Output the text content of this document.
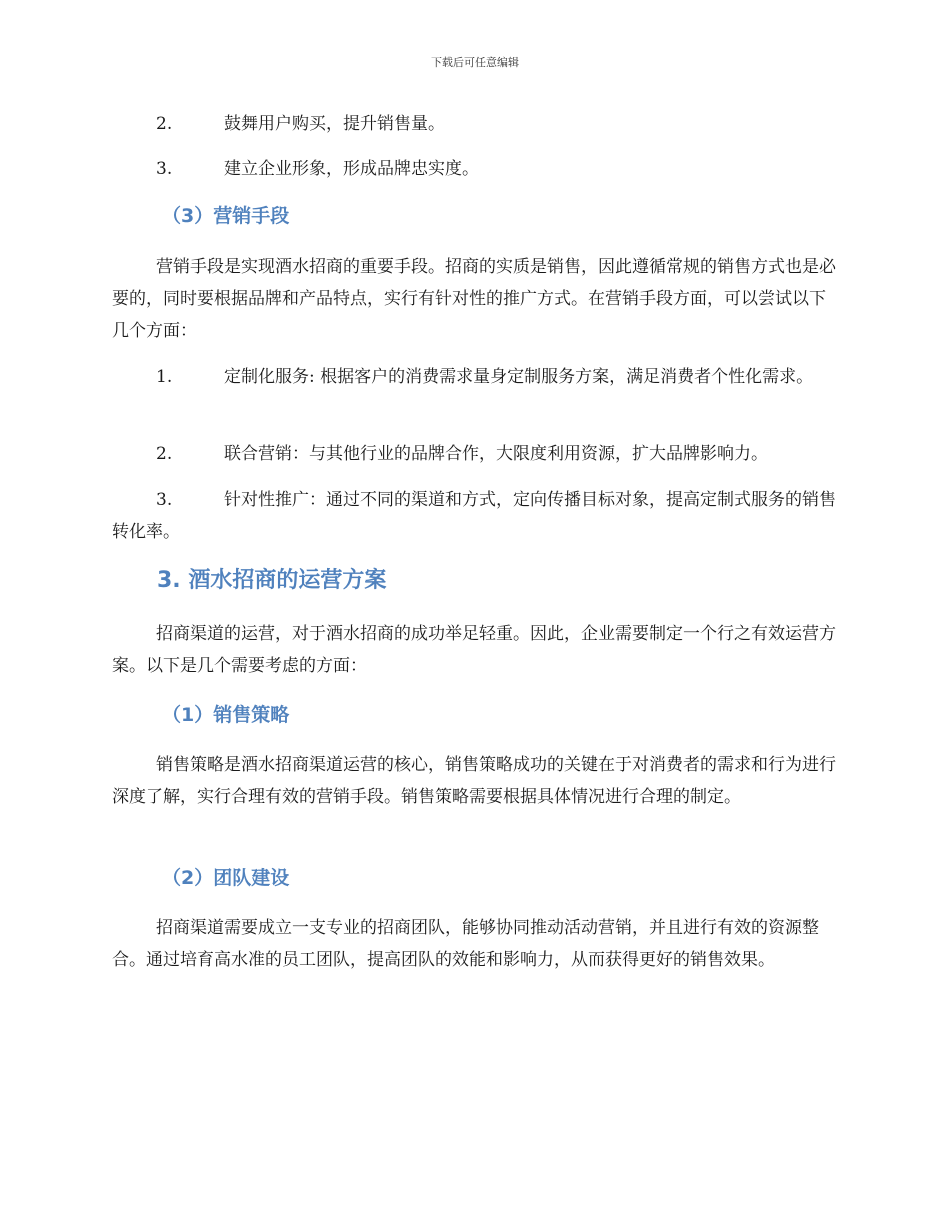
下载后可任意编辑
2.	鼓舞用户购买，提升销售量。
3.	建立企业形象，形成品牌忠实度。
（3）营销手段

营销手段是实现酒水招商的重要手段。招商的实质是销售，因此遵循常规的销售方式也是必要的，同时要根据品牌和产品特点，实行有针对性的推广方式。在营销手段方面，可以尝试以下几个方面：

1.	定制化服务: 根据客户的消费需求量身定制服务方案，满足消费者个性化需求。
2.	联合营销：与其他行业的品牌合作，大限度利用资源，扩大品牌影响力。
3.	针对性推广：通过不同的渠道和方式，定向传播目标对象，提高定制式服务的销售转化率。
3. 酒水招商的运营方案

招商渠道的运营，对于酒水招商的成功举足轻重。因此，企业需要制定一个行之有效运营方案。以下是几个需要考虑的方面：

（1）销售策略

销售策略是酒水招商渠道运营的核心，销售策略成功的关键在于对消费者的需求和行为进行深度了解，实行合理有效的营销手段。销售策略需要根据具体情况进行合理的制定。

（2）团队建设

招商渠道需要成立一支专业的招商团队，能够协同推动活动营销，并且进行有效的资源整合。通过培育高水准的员工团队，提高团队的效能和影响力，从而获得更好的销售效果。
